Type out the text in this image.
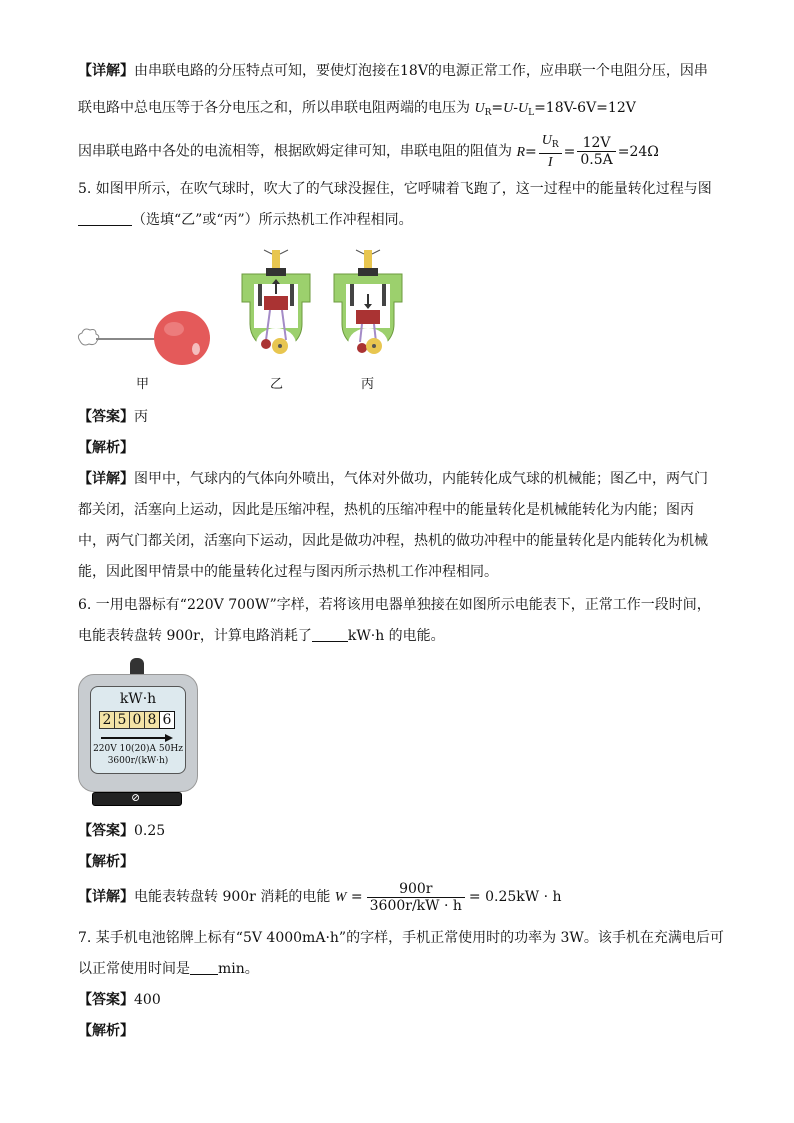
【详解】由串联电路的分压特点可知，要使灯泡接在18V的电源正常工作，应串联一个电阻分压，因串
联电路中总电压等于各分电压之和，所以串联电阻两端的电压为 $U_R=U-U_L=18V-6V=12V$
因串联电路中各处的电流相等，根据欧姆定律可知，串联电阻的阻值为 $R= \frac{U_R}{I} = \frac{12V}{0.5A} =24\Omega$
5. 如图甲所示，在吹气球时，吹大了的气球没握住，它呼啸着飞跑了，这一过程中的能量转化过程与图
（选填“乙”或“丙”）所示热机工作冲程相同。
甲	乙	丙
【答案】丙
【解析】
【详解】图甲中，气球内的气体向外喷出，气体对外做功，内能转化成气球的机械能；图乙中，两气门
都关闭，活塞向上运动，因此是压缩冲程，热机的压缩冲程中的能量转化是机械能转化为内能；图丙
中，两气门都关闭，活塞向下运动，因此是做功冲程，热机的做功冲程中的能量转化是内能转化为机械
能，因此图甲情景中的能量转化过程与图丙所示热机工作冲程相同。
6. 一用电器标有“220V 700W”字样，若将该用电器单独接在如图所示电能表下，正常工作一段时间，
电能表转盘转 900r，计算电路消耗了	kW·h 的电能。
kW·h
2 5 0 8 6
220V 10(20)A 50Hz
3600r/(kW·h)
⊘
【答案】0.25
【解析】
【详解】电能表转盘转 900r 消耗的电能 $W = \frac{900r}{3600r/kW \cdot h} = 0.25kW \cdot h$
7. 某手机电池铭牌上标有“5V 4000mA·h”的字样，手机正常使用时的功率为 3W。该手机在充满电后可
以正常使用时间是 min。
【答案】400
【解析】
